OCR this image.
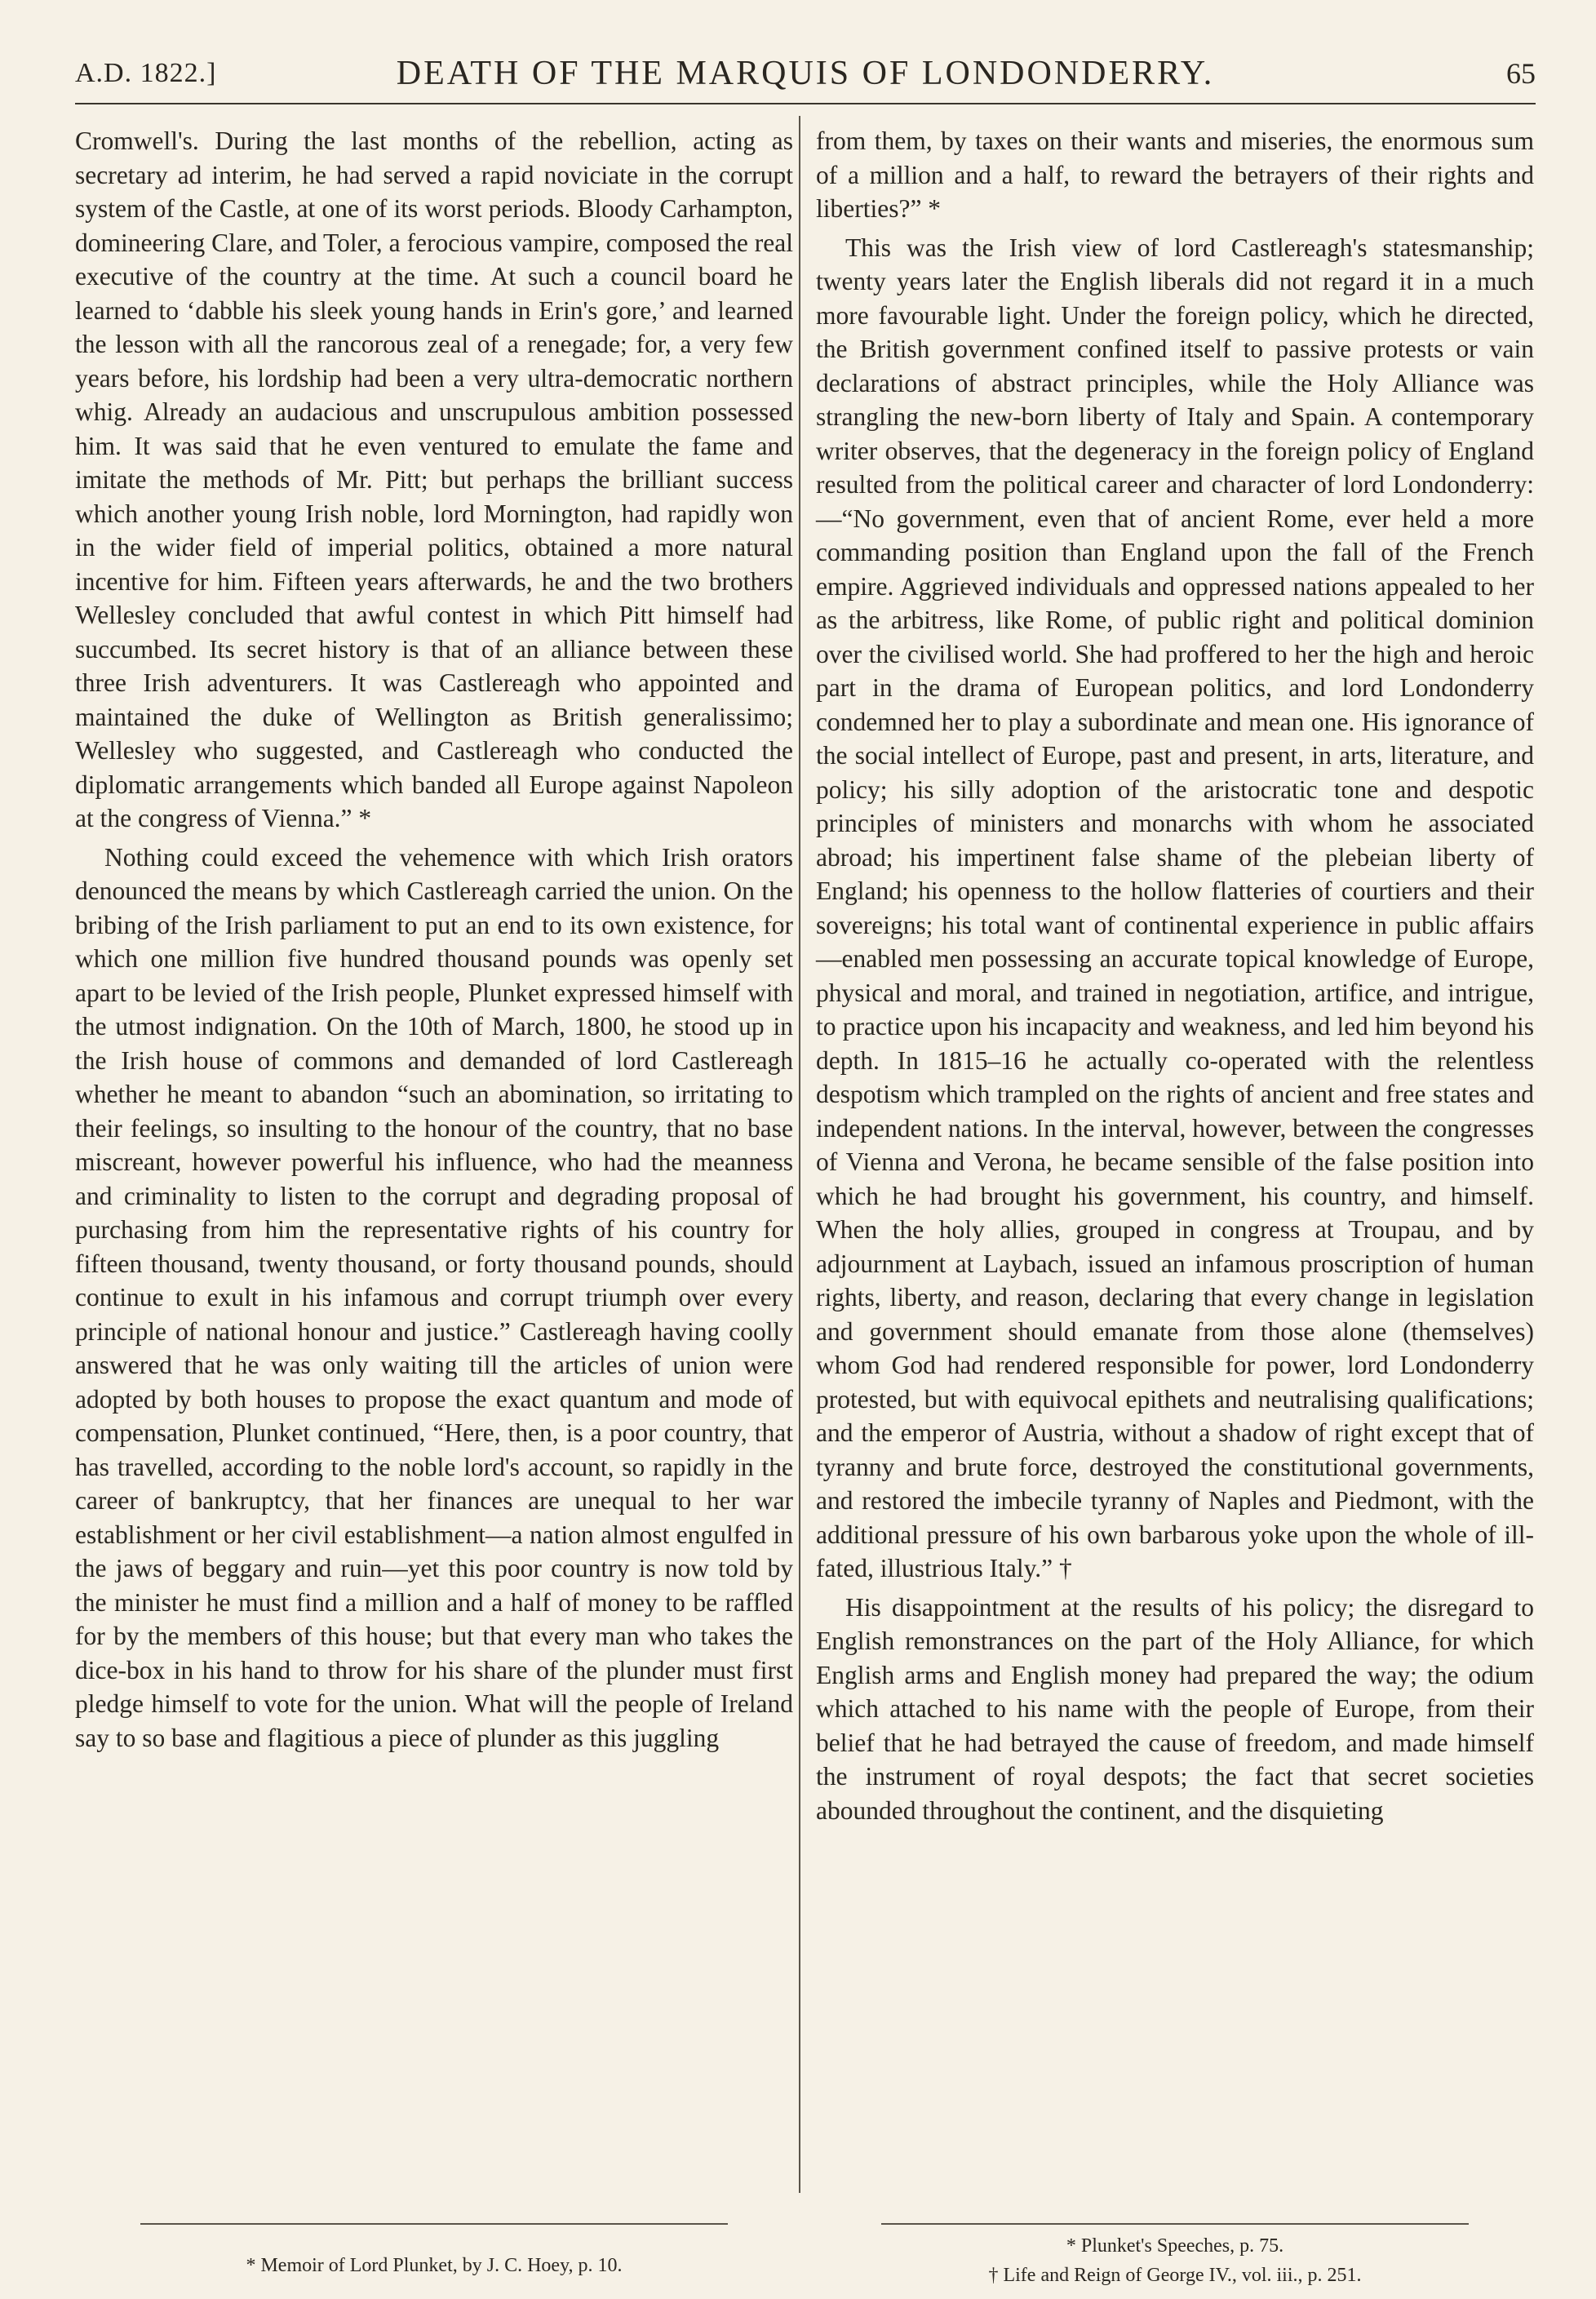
A.D. 1822.]	DEATH OF THE MARQUIS OF LONDONDERRY.	65

Cromwell's. During the last months of the rebellion, acting as secretary ad interim, he had served a rapid noviciate in the corrupt system of the Castle, at one of its worst periods. Bloody Carhampton, domineering Clare, and Toler, a ferocious vampire, composed the real executive of the country at the time. At such a council board he learned to ‘dabble his sleek young hands in Erin's gore,’ and learned the lesson with all the rancorous zeal of a renegade; for, a very few years before, his lordship had been a very ultra-democratic northern whig. Already an audacious and unscrupulous ambition possessed him. It was said that he even ventured to emulate the fame and imitate the methods of Mr. Pitt; but perhaps the brilliant success which another young Irish noble, lord Mornington, had rapidly won in the wider field of imperial politics, obtained a more natural incentive for him. Fifteen years afterwards, he and the two brothers Wellesley concluded that awful contest in which Pitt himself had succumbed. Its secret history is that of an alliance between these three Irish adventurers. It was Castlereagh who appointed and maintained the duke of Wellington as British generalissimo; Wellesley who suggested, and Castlereagh who conducted the diplomatic arrangements which banded all Europe against Napoleon at the congress of Vienna.” *

Nothing could exceed the vehemence with which Irish orators denounced the means by which Castlereagh carried the union. On the bribing of the Irish parliament to put an end to its own existence, for which one million five hundred thousand pounds was openly set apart to be levied of the Irish people, Plunket expressed himself with the utmost indignation. On the 10th of March, 1800, he stood up in the Irish house of commons and demanded of lord Castlereagh whether he meant to abandon “such an abomination, so irritating to their feelings, so insulting to the honour of the country, that no base miscreant, however powerful his influence, who had the meanness and criminality to listen to the corrupt and degrading proposal of purchasing from him the representative rights of his country for fifteen thousand, twenty thousand, or forty thousand pounds, should continue to exult in his infamous and corrupt triumph over every principle of national honour and justice.” Castlereagh having coolly answered that he was only waiting till the articles of union were adopted by both houses to propose the exact quantum and mode of compensation, Plunket continued, “Here, then, is a poor country, that has travelled, according to the noble lord's account, so rapidly in the career of bankruptcy, that her finances are unequal to her war establishment or her civil establishment—a nation almost engulfed in the jaws of beggary and ruin—yet this poor country is now told by the minister he must find a million and a half of money to be raffled for by the members of this house; but that every man who takes the dice-box in his hand to throw for his share of the plunder must first pledge himself to vote for the union. What will the people of Ireland say to so base and flagitious a piece of plunder as this juggling

from them, by taxes on their wants and miseries, the enormous sum of a million and a half, to reward the betrayers of their rights and liberties?” *

This was the Irish view of lord Castlereagh's statesmanship; twenty years later the English liberals did not regard it in a much more favourable light. Under the foreign policy, which he directed, the British government confined itself to passive protests or vain declarations of abstract principles, while the Holy Alliance was strangling the new-born liberty of Italy and Spain. A contemporary writer observes, that the degeneracy in the foreign policy of England resulted from the political career and character of lord Londonderry:—“No government, even that of ancient Rome, ever held a more commanding position than England upon the fall of the French empire. Aggrieved individuals and oppressed nations appealed to her as the arbitress, like Rome, of public right and political dominion over the civilised world. She had proffered to her the high and heroic part in the drama of European politics, and lord Londonderry condemned her to play a subordinate and mean one. His ignorance of the social intellect of Europe, past and present, in arts, literature, and policy; his silly adoption of the aristocratic tone and despotic principles of ministers and monarchs with whom he associated abroad; his impertinent false shame of the plebeian liberty of England; his openness to the hollow flatteries of courtiers and their sovereigns; his total want of continental experience in public affairs—enabled men possessing an accurate topical knowledge of Europe, physical and moral, and trained in negotiation, artifice, and intrigue, to practice upon his incapacity and weakness, and led him beyond his depth. In 1815–16 he actually co-operated with the relentless despotism which trampled on the rights of ancient and free states and independent nations. In the interval, however, between the congresses of Vienna and Verona, he became sensible of the false position into which he had brought his government, his country, and himself. When the holy allies, grouped in congress at Troupau, and by adjournment at Laybach, issued an infamous proscription of human rights, liberty, and reason, declaring that every change in legislation and government should emanate from those alone (themselves) whom God had rendered responsible for power, lord Londonderry protested, but with equivocal epithets and neutralising qualifications; and the emperor of Austria, without a shadow of right except that of tyranny and brute force, destroyed the constitutional governments, and restored the imbecile tyranny of Naples and Piedmont, with the additional pressure of his own barbarous yoke upon the whole of ill-fated, illustrious Italy.” †

His disappointment at the results of his policy; the disregard to English remonstrances on the part of the Holy Alliance, for which English arms and English money had prepared the way; the odium which attached to his name with the people of Europe, from their belief that he had betrayed the cause of freedom, and made himself the instrument of royal despots; the fact that secret societies abounded throughout the continent, and the disquieting

* Memoir of Lord Plunket, by J. C. Hoey, p. 10.
* Plunket's Speeches, p. 75.
† Life and Reign of George IV., vol. iii., p. 251.
